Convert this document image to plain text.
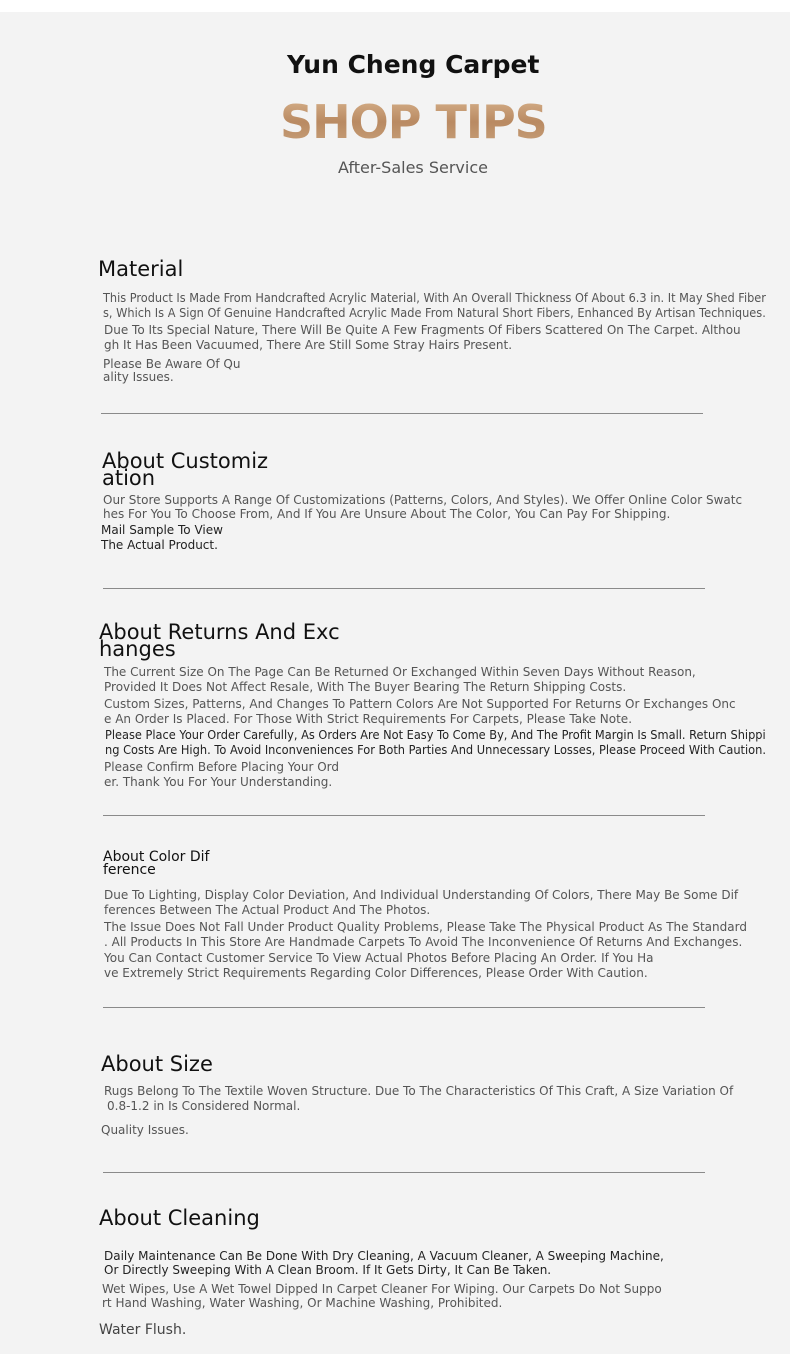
Yun Cheng Carpet
SHOP TIPS
After-Sales Service
Material
This Product Is Made From Handcrafted Acrylic Material, With An Overall Thickness Of About 6.3 in. It May Shed Fiber
s, Which Is A Sign Of Genuine Handcrafted Acrylic Made From Natural Short Fibers, Enhanced By Artisan Techniques.
Due To Its Special Nature, There Will Be Quite A Few Fragments Of Fibers Scattered On The Carpet. Althou
gh It Has Been Vacuumed, There Are Still Some Stray Hairs Present.
Please Be Aware Of Qu
ality Issues.
About Customiz
ation
Our Store Supports A Range Of Customizations (Patterns, Colors, And Styles). We Offer Online Color Swatc
hes For You To Choose From, And If You Are Unsure About The Color, You Can Pay For Shipping.
Mail Sample To View
The Actual Product.
About Returns And Exc
hanges
The Current Size On The Page Can Be Returned Or Exchanged Within Seven Days Without Reason,
Provided It Does Not Affect Resale, With The Buyer Bearing The Return Shipping Costs.
Custom Sizes, Patterns, And Changes To Pattern Colors Are Not Supported For Returns Or Exchanges Onc
e An Order Is Placed. For Those With Strict Requirements For Carpets, Please Take Note.
Please Place Your Order Carefully, As Orders Are Not Easy To Come By, And The Profit Margin Is Small. Return Shippi
ng Costs Are High. To Avoid Inconveniences For Both Parties And Unnecessary Losses, Please Proceed With Caution.
Please Confirm Before Placing Your Ord
er. Thank You For Your Understanding.
About Color Dif
ference
Due To Lighting, Display Color Deviation, And Individual Understanding Of Colors, There May Be Some Dif
ferences Between The Actual Product And The Photos.
The Issue Does Not Fall Under Product Quality Problems, Please Take The Physical Product As The Standard
. All Products In This Store Are Handmade Carpets To Avoid The Inconvenience Of Returns And Exchanges.
You Can Contact Customer Service To View Actual Photos Before Placing An Order. If You Ha
ve Extremely Strict Requirements Regarding Color Differences, Please Order With Caution.
About Size
Rugs Belong To The Textile Woven Structure. Due To The Characteristics Of This Craft, A Size Variation Of
0.8-1.2 in Is Considered Normal.
Quality Issues.
About Cleaning
Daily Maintenance Can Be Done With Dry Cleaning, A Vacuum Cleaner, A Sweeping Machine,
Or Directly Sweeping With A Clean Broom. If It Gets Dirty, It Can Be Taken.
Wet Wipes, Use A Wet Towel Dipped In Carpet Cleaner For Wiping. Our Carpets Do Not Suppo
rt Hand Washing, Water Washing, Or Machine Washing, Prohibited.
Water Flush.
